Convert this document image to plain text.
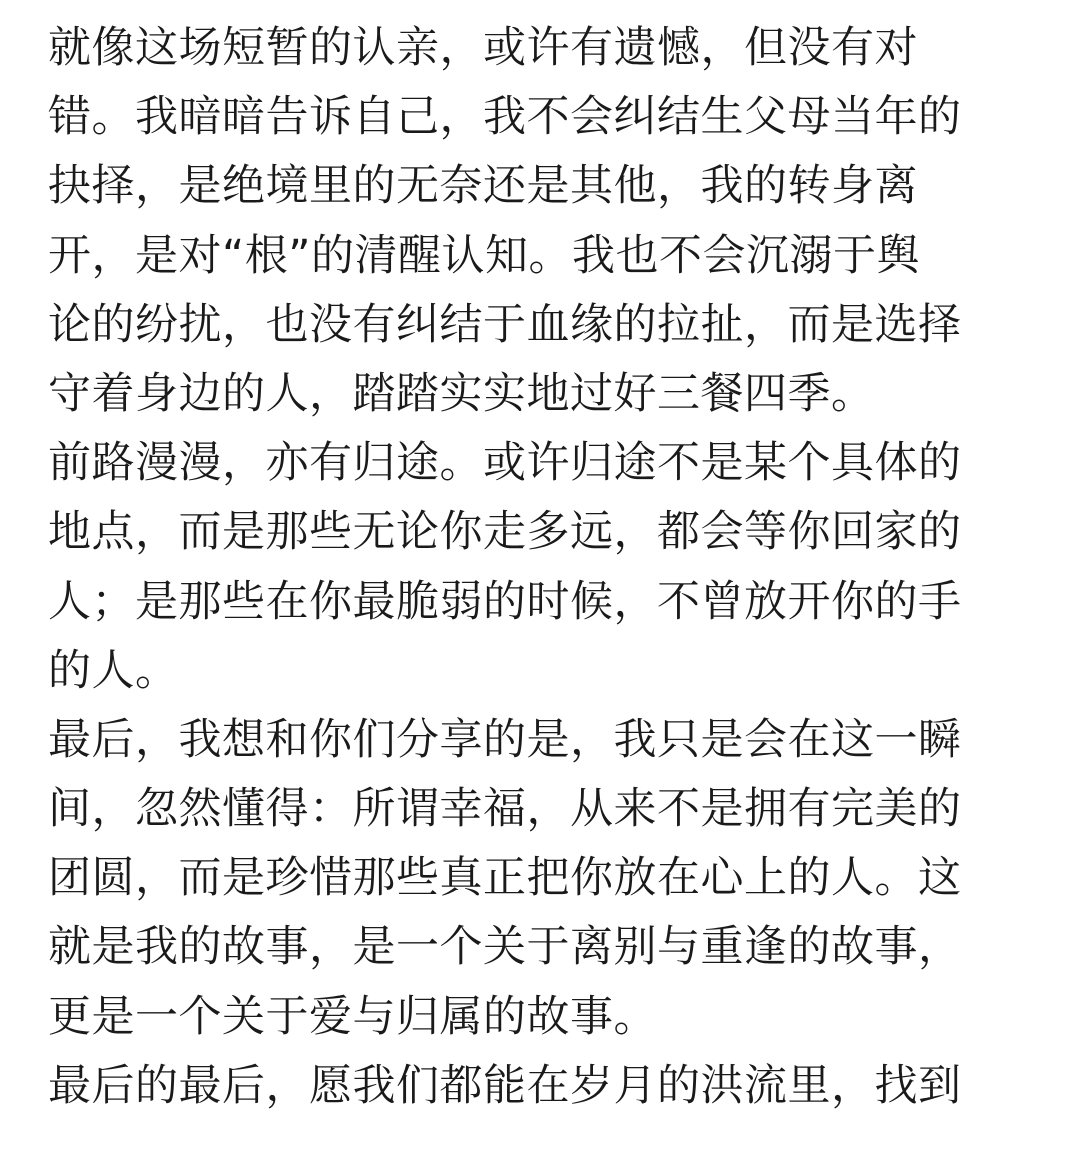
就像这场短暂的认亲，或许有遗憾，但没有对
错。我暗暗告诉自己，我不会纠结生父母当年的
抉择，是绝境里的无奈还是其他，我的转身离
开，是对“根”的清醒认知。我也不会沉溺于舆
论的纷扰，也没有纠结于血缘的拉扯，而是选择
守着身边的人，踏踏实实地过好三餐四季。
前路漫漫，亦有归途。或许归途不是某个具体的
地点，而是那些无论你走多远，都会等你回家的
人；是那些在你最脆弱的时候，不曾放开你的手
的人。
最后，我想和你们分享的是，我只是会在这一瞬
间，忽然懂得：所谓幸福，从来不是拥有完美的
团圆，而是珍惜那些真正把你放在心上的人。这
就是我的故事，是一个关于离别与重逢的故事，
更是一个关于爱与归属的故事。
最后的最后，愿我们都能在岁月的洪流里，找到
